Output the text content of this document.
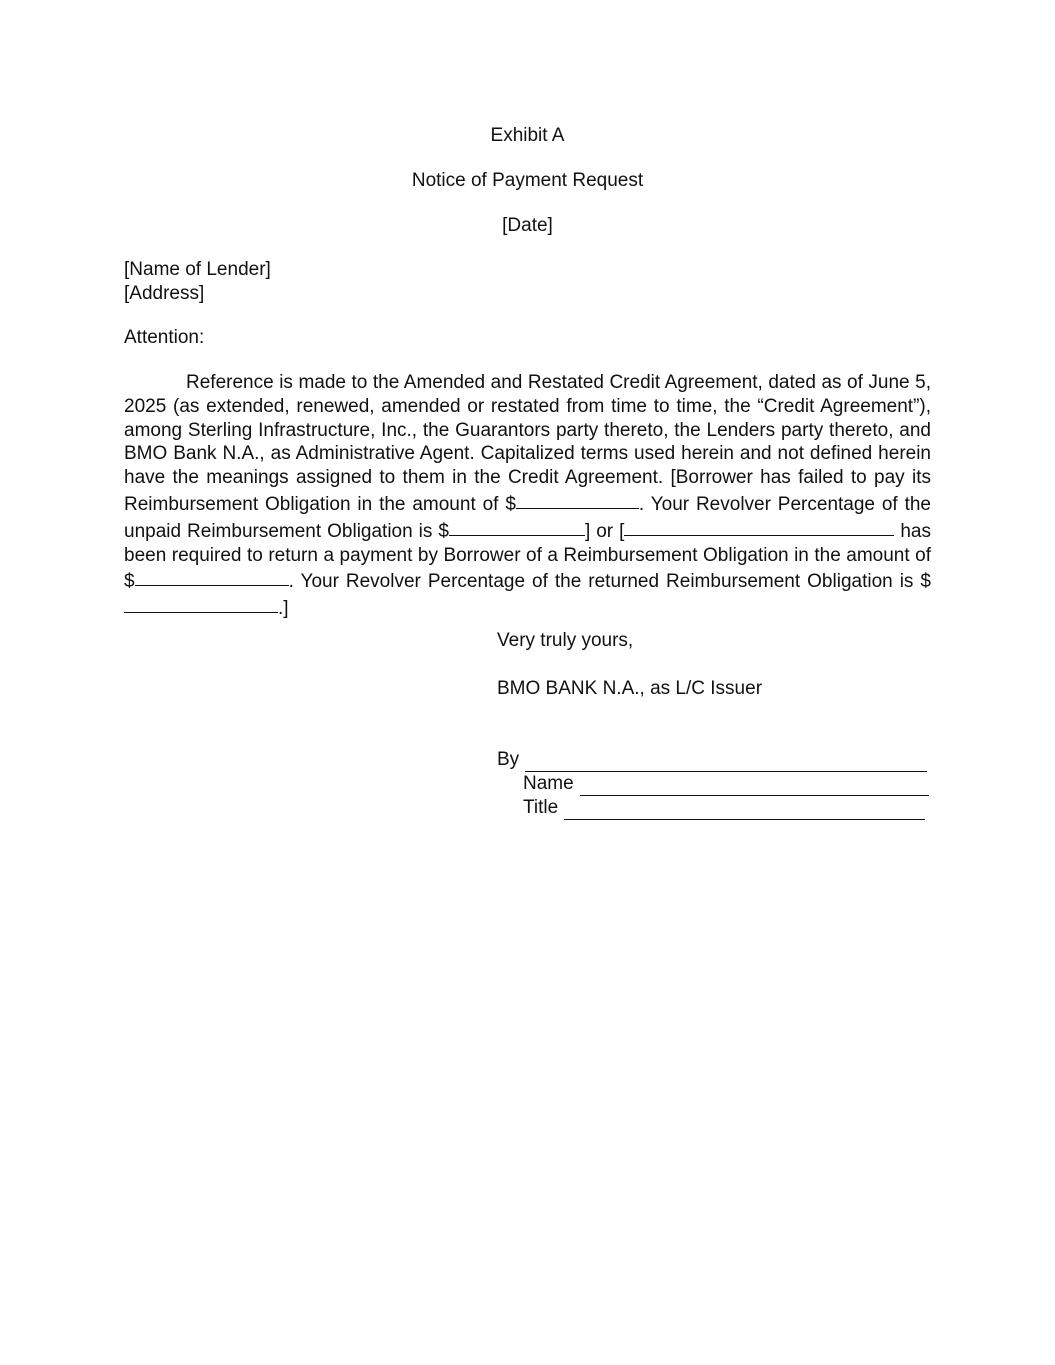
Exhibit A
Notice of Payment Request
[Date]
[Name of Lender]
[Address]
Attention:
Reference is made to the Amended and Restated Credit Agreement, dated as of June 5, 2025 (as extended, renewed, amended or restated from time to time, the “Credit Agreement”), among Sterling Infrastructure, Inc., the Guarantors party thereto, the Lenders party thereto, and BMO Bank N.A., as Administrative Agent. Capitalized terms used herein and not defined herein have the meanings assigned to them in the Credit Agreement. [Borrower has failed to pay its Reimbursement Obligation in the amount of $	. Your Revolver Percentage of the unpaid Reimbursement Obligation is $	] or [	has been required to return a payment by Borrower of a Reimbursement Obligation in the amount of $	. Your Revolver Percentage of the returned Reimbursement Obligation is $.]
Very truly yours,
BMO BANK N.A., as L/C Issuer
By
Name
Title
